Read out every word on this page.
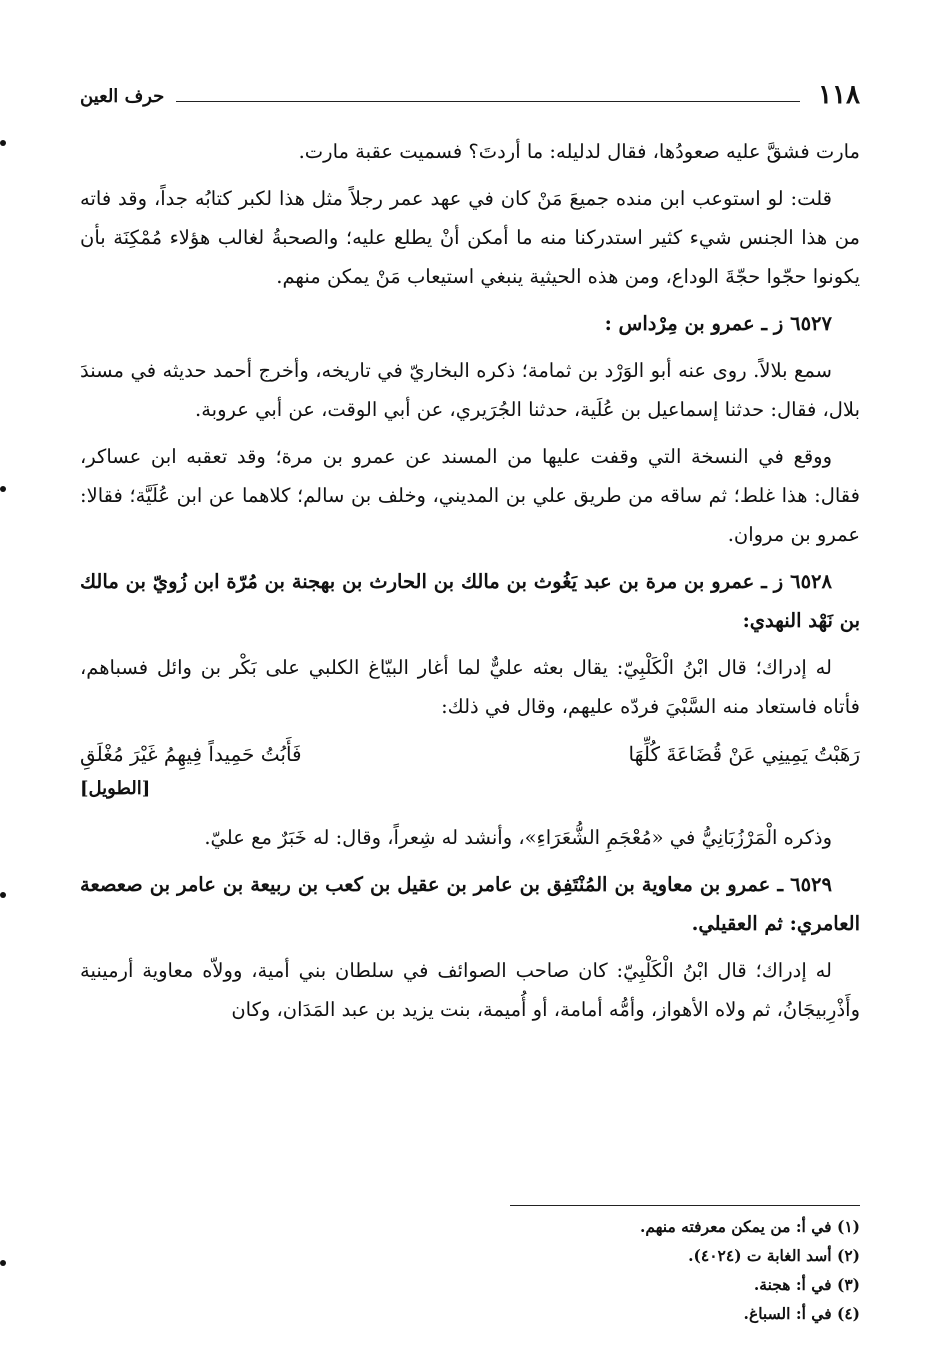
١١٨
حرف العين

مارت فشقَّ عليه صعودُها، فقال لدليله: ما أردتَ؟ فسميت عقبة مارت.

قلت: لو استوعب ابن منده جميعَ مَنْ كان في عهد عمر رجلاً مثل هذا لكبر كتابُه جداً، وقد فاته من هذا الجنس شيء كثير استدركنا منه ما أمكن أنْ يطلع عليه؛ والصحبةُ لغالب هؤلاء مُمْكِنَة بأن يكونوا حجّوا حجّةَ الوداع، ومن هذه الحيثية ينبغي استيعاب مَنْ يمكن منهم.

٦٥٢٧ ز ـ عمرو بن مِرْداس :

سمع بلالاً. روى عنه أبو الوَرْد بن ثمامة؛ ذكره البخاريّ في تاريخه، وأخرج أحمد حديثه في مسندَ بلال، فقال: حدثنا إسماعيل بن عُلَية، حدثنا الجُرَيري، عن أبي الوقت، عن أبي عروبة.

ووقع في النسخة التي وقفت عليها من المسند عن عمرو بن مرة؛ وقد تعقبه ابن عساكر، فقال: هذا غلط؛ ثم ساقه من طريق علي بن المديني، وخلف بن سالم؛ كلاهما عن ابن عُلَيَّة؛ فقالا: عمرو بن مروان.

٦٥٢٨ ز ـ عمرو بن مرة بن عبد يَغُوث بن مالك بن الحارث بن بهجنة بن مُرّة ابن زُويّ بن مالك بن نَهْد النهدي:

له إدراك؛ قال ابْنُ الْكَلْبِيّ: يقال بعثه عليٌّ لما أغار البيّاغ الكلبي على بَكْر بن وائل فسباهم، فأتاه فاستعاد منه السَّبْيَ فردّه عليهم، وقال في ذلك:

رَهَبْتُ يَمِينِي عَنْ قُضَاعَةَ كُلِّهَا
فَأَبُتُ حَمِيداً فِيهِمُ غَيْرَ مُغْلَقِ
[الطويل]

وذكره الْمَرْزُبَانِيُّ في «مُعْجَمِ الشُّعَرَاءِ»، وأنشد له شِعراً، وقال: له خَبَرٌ مع عليّ.

٦٥٢٩ ـ عمرو بن معاوية بن المُنْتَفِق بن عامر بن عقيل بن كعب بن ربيعة بن عامر بن صعصعة العامري: ثم العقيلي.

له إدراك؛ قال ابْنُ الْكَلْبِيّ: كان صاحب الصوائف في سلطان بني أمية، وولاّه معاوية أرمينية وأَذْرِبيجَانُ، ثم ولاه الأهواز، وأمُّه أمامة، أو أُميمة، بنت يزيد بن عبد المَدَان، وكان

(١) في أ: من يمكن معرفته منهم.
(٢) أسد الغابة ت (٤٠٢٤).
(٣) في أ: هجنة.
(٤) في أ: السباغ.
